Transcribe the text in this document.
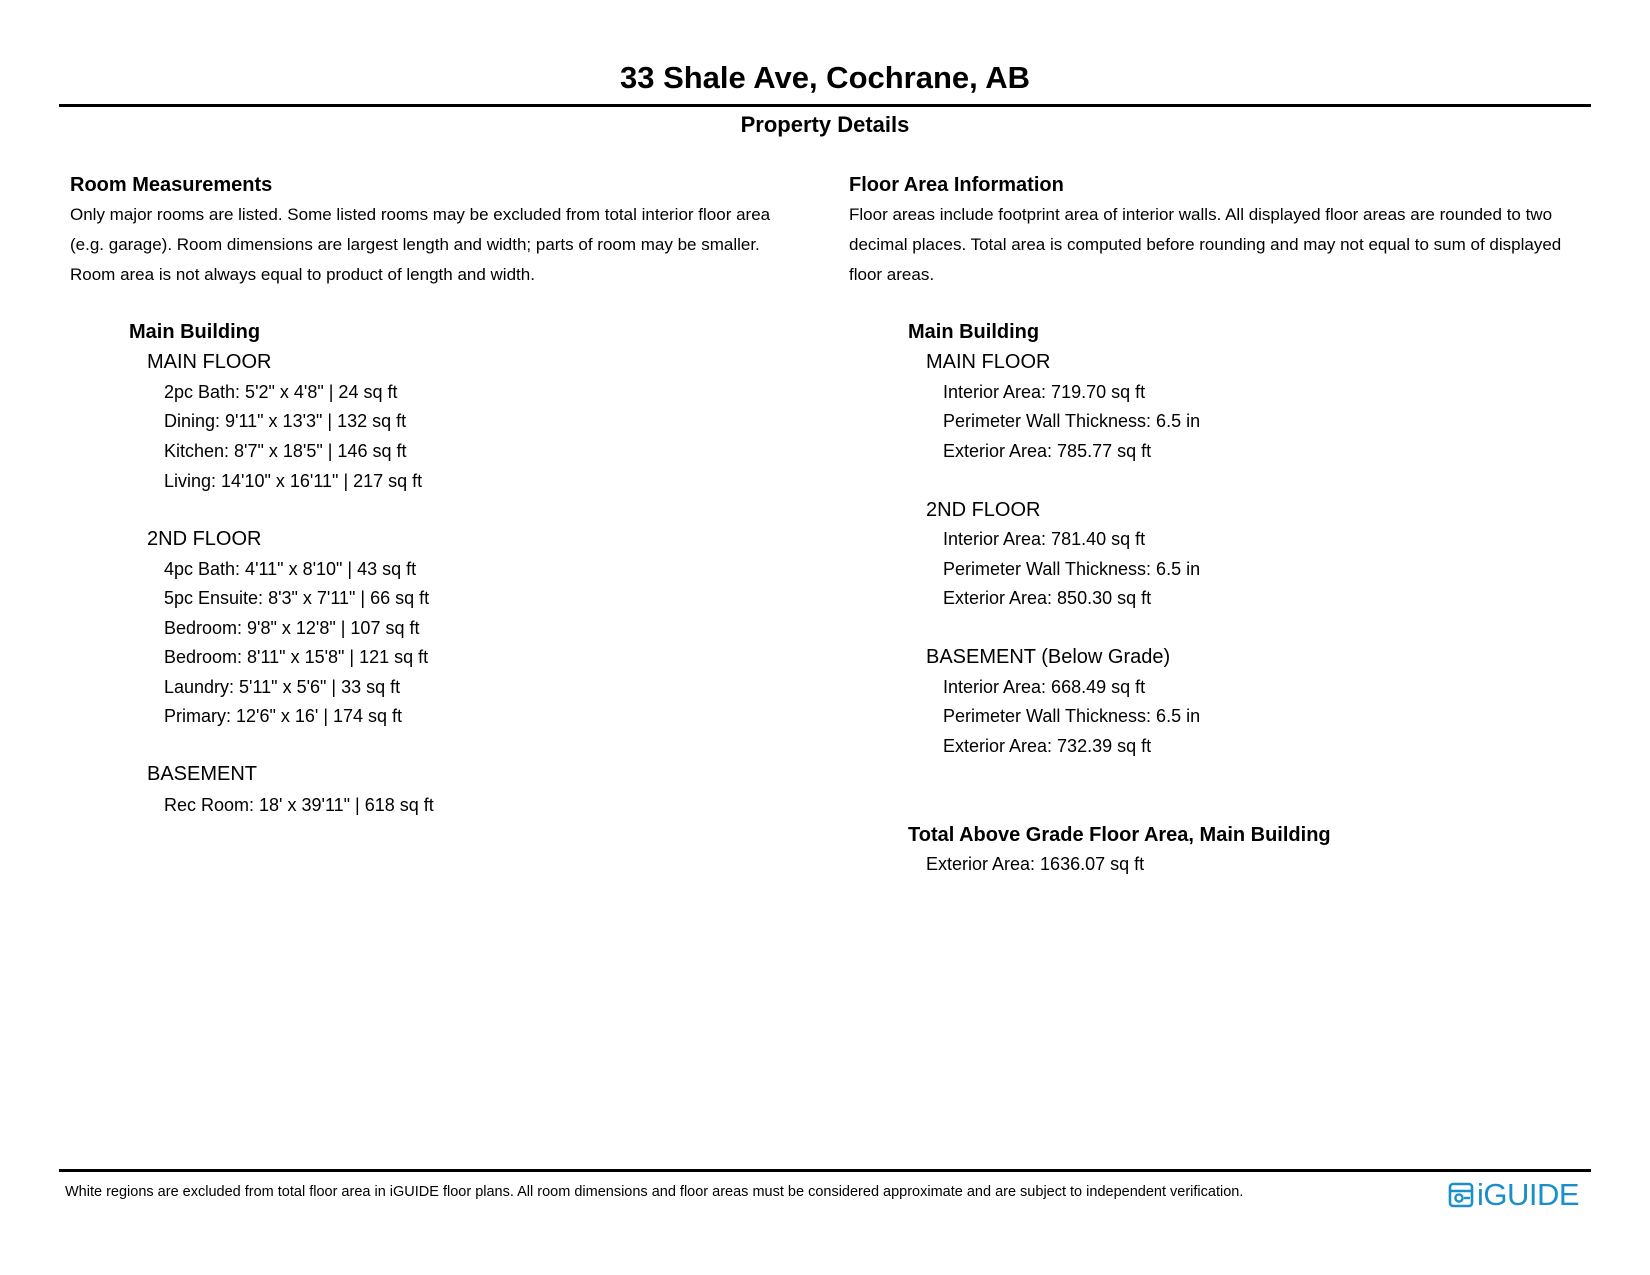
33 Shale Ave, Cochrane, AB
Property Details
Room Measurements
Only major rooms are listed. Some listed rooms may be excluded from total interior floor area
(e.g. garage). Room dimensions are largest length and width; parts of room may be smaller.
Room area is not always equal to product of length and width.
Main Building
MAIN FLOOR
2pc Bath: 5'2" x 4'8" | 24 sq ft
Dining: 9'11" x 13'3" | 132 sq ft
Kitchen: 8'7" x 18'5" | 146 sq ft
Living: 14'10" x 16'11" | 217 sq ft
2ND FLOOR
4pc Bath: 4'11" x 8'10" | 43 sq ft
5pc Ensuite: 8'3" x 7'11" | 66 sq ft
Bedroom: 9'8" x 12'8" | 107 sq ft
Bedroom: 8'11" x 15'8" | 121 sq ft
Laundry: 5'11" x 5'6" | 33 sq ft
Primary: 12'6" x 16' | 174 sq ft
BASEMENT
Rec Room: 18' x 39'11" | 618 sq ft
Floor Area Information
Floor areas include footprint area of interior walls. All displayed floor areas are rounded to two
decimal places. Total area is computed before rounding and may not equal to sum of displayed
floor areas.
Main Building
MAIN FLOOR
Interior Area: 719.70 sq ft
Perimeter Wall Thickness: 6.5 in
Exterior Area: 785.77 sq ft
2ND FLOOR
Interior Area: 781.40 sq ft
Perimeter Wall Thickness: 6.5 in
Exterior Area: 850.30 sq ft
BASEMENT (Below Grade)
Interior Area: 668.49 sq ft
Perimeter Wall Thickness: 6.5 in
Exterior Area: 732.39 sq ft
Total Above Grade Floor Area, Main Building
Exterior Area: 1636.07 sq ft
White regions are excluded from total floor area in iGUIDE floor plans. All room dimensions and floor areas must be considered approximate and are subject to independent verification.	iGUIDE
